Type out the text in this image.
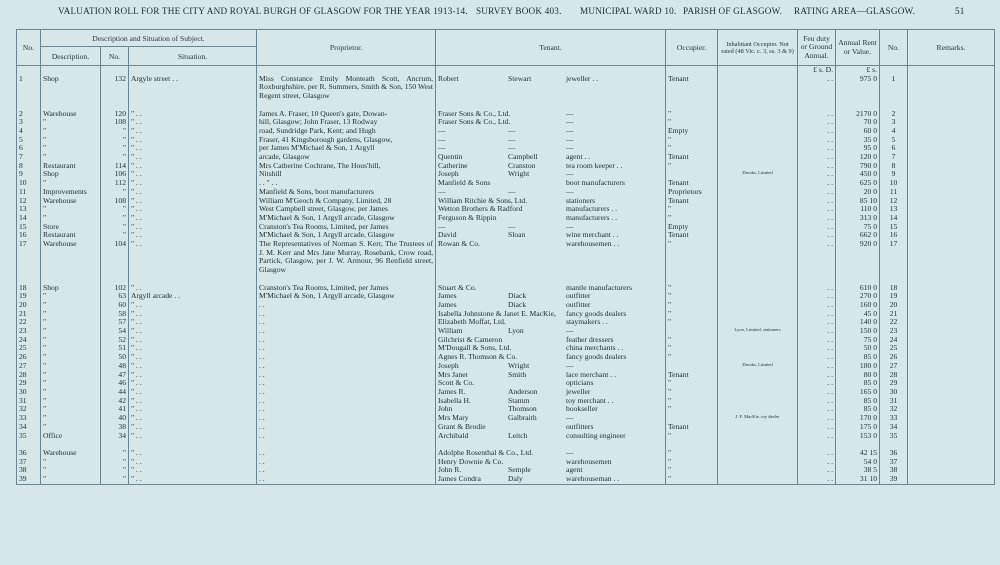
VALUATION ROLL FOR THE CITY AND ROYAL BURGH OF GLASGOW FOR THE YEAR 1913-14. SURVEY BOOK 403. MUNICIPAL WARD 10. PARISH OF GLASGOW. RATING AREA—GLASGOW.	51
No.	Description and Situation of Subject.			Proprietor.	Tenant.	Occupier.	Inhabitant Occupier. Not rated (48 Vic. c. 3, ss. 3 & 9)	Feu duty or Ground Annual.	Annual Rent or Value.	No.	Remarks.
	Description.	No.	Situation.								
								£ s. D.	£ s.		
1	Shop	132	Argyle street . .	Miss Constance Emily Monteath Scott, Ancrum, Roxburghshire, per R. Summers, Smith & Son, 150 West Regent street, Glasgow	Robert Stewart jeweller . .	Tenant		. .	975 0	1	
2	Warehouse	120	" . .	James A. Fraser, 10 Queen's gate, Dowan-	Fraser Sons & Co., Ltd. —	"		. .	2170 0	2	
3	"	108	" . .	hill, Glasgow; John Fraser, 13 Rodway	Fraser Sons & Co., Ltd. —	"		. .	70 0	3	
4	"	"	" . .	road, Sundridge Park, Kent; and Hugh	— — —	Empty		. .	60 0	4	
5	"	"	" . .	Fraser, 41 Kingsborough gardens, Glasgow,	— — —	"		. .	35 0	5	
6	"	"	" . .	per James M'Michael & Son, 1 Argyll	— — —	"		. .	95 0	6	
7	"	"	" . .	arcade, Glasgow	Quentin Campbell agent . .	Tenant		. .	120 0	7	
8	Restaurant	114	" . .	Mrs Catherine Cochrane, The Hous'hill,	Catherine Cranston tea room keeper . .	"		. .	790 0	8	
9	Shop	106	" . .	Nitshill	Joseph Wright —		Drooks, Limited	. .	450 0	9	
10	"	112	" . .	. . " . .	Manfield & Sons boot manufacturers	Tenant		. .	625 0	10	
11	Improvements	"	" . .	Manfield & Sons, boot manufacturers	— — —	Proprietors		. .	20 0	11	
12	Warehouse	108	" . .	William M'Geoch & Company, Limited, 28	William Ritchie & Sons, Ltd. stationers	Tenant		. .	85 10	12	
13	"	"	" . .	West Campbell street, Glasgow, per James	Wetton Brothers & Radford manufacturers . .	"		. .	110 0	13	
14	"	"	" . .	M'Michael & Son, 1 Argyll arcade, Glasgow	Ferguson & Rippin manufacturers . .	"		. .	313 0	14	
15	Store	"	" . .	Cranston's Tea Rooms, Limited, per James	— — —	Empty		. .	75 0	15	
16	Restaurant	"	" . .	M'Michael & Son, 1 Argyll arcade, Glasgow	David Sloan wine merchant . .	Tenant		. .	662 0	16	
17	Warehouse	104	" . .	The Representatives of Norman S. Kerr, The Trustees of J. M. Kerr and Mrs Jane Murray, Rosebank, Crow road, Partick, Glasgow, per J. W. Armour, 96 Renfield street, Glasgow	Rowan & Co. warehousemen . .	"		. .	920 0	17	
18	Shop	102	" . .	Cranston's Tea Rooms, Limited, per James	Stuart & Co. mantle manufacturers	"		. .	610 0	18	
19	"	63	Argyll arcade . .	M'Michael & Son, 1 Argyll arcade, Glasgow	James Diack outfitter	"		. .	270 0	19	
20	"	60	" . .	. .	James Diack outfitter	"		. .	160 0	20	
21	"	58	" . .	. .	Isabella Johnstone & Janet E. MacKie, fancy goods dealers	"		. .	45 0	21	
22	"	57	" . .	. .	Elizabeth Moffat, Ltd. staymakers . .	"		. .	140 0	22	
23	"	54	" . .	. .	William Lyon —		Lyon, Limited, stationers	. .	150 0	23	
24	"	52	" . .	. .	Gilchrist & Cameron feather dressers	"		. .	75 0	24	
25	"	51	" . .	. .	M'Dougall & Sons, Ltd. china merchants . .	"		. .	50 0	25	
26	"	50	" . .	. .	Agnes R. Thomson & Co. fancy goods dealers	"		. .	85 0	26	
27	"	48	" . .	. .	Joseph Wright —		Drooks, Limited	. .	180 0	27	
28	"	47	" . .	. .	Mrs Janet Smith lace merchant . .	Tenant		. .	80 0	28	
29	"	46	" . .	. .	Scott & Co. opticians	"		. .	85 0	29	
30	"	44	" . .	. .	James R. Anderson jeweller	"		. .	165 0	30	
31	"	42	" . .	. .	Isabella H. Stamm toy merchant . .	"		. .	85 0	31	
32	"	41	" . .	. .	John Thomson bookseller	"		. .	85 0	32	
33	"	40	" . .	. .	Mrs Mary Galbraith —		J. F. MacKie, toy dealer	. .	170 0	33	
34	"	38	" . .	. .	Grant & Brodie outfitters	Tenant		. .	175 0	34	
35	Office	34	" . .	. .	Archibald Leitch consulting engineer	"		. .	153 0	35	
36	Warehouse	"	" . .	. .	Adolphe Rosenthal & Co., Ltd. —	"		. .	42 15	36	
37	"	"	" . .	. .	Henry Downie & Co. warehousemen	"		. .	54 0	37	
38	"	"	" . .	. .	John R. Semple agent	"		. .	38 5	38	
39	"	"	" . .	. .	James Condra Daly warehouseman . .	"		. .	31 10	39	
